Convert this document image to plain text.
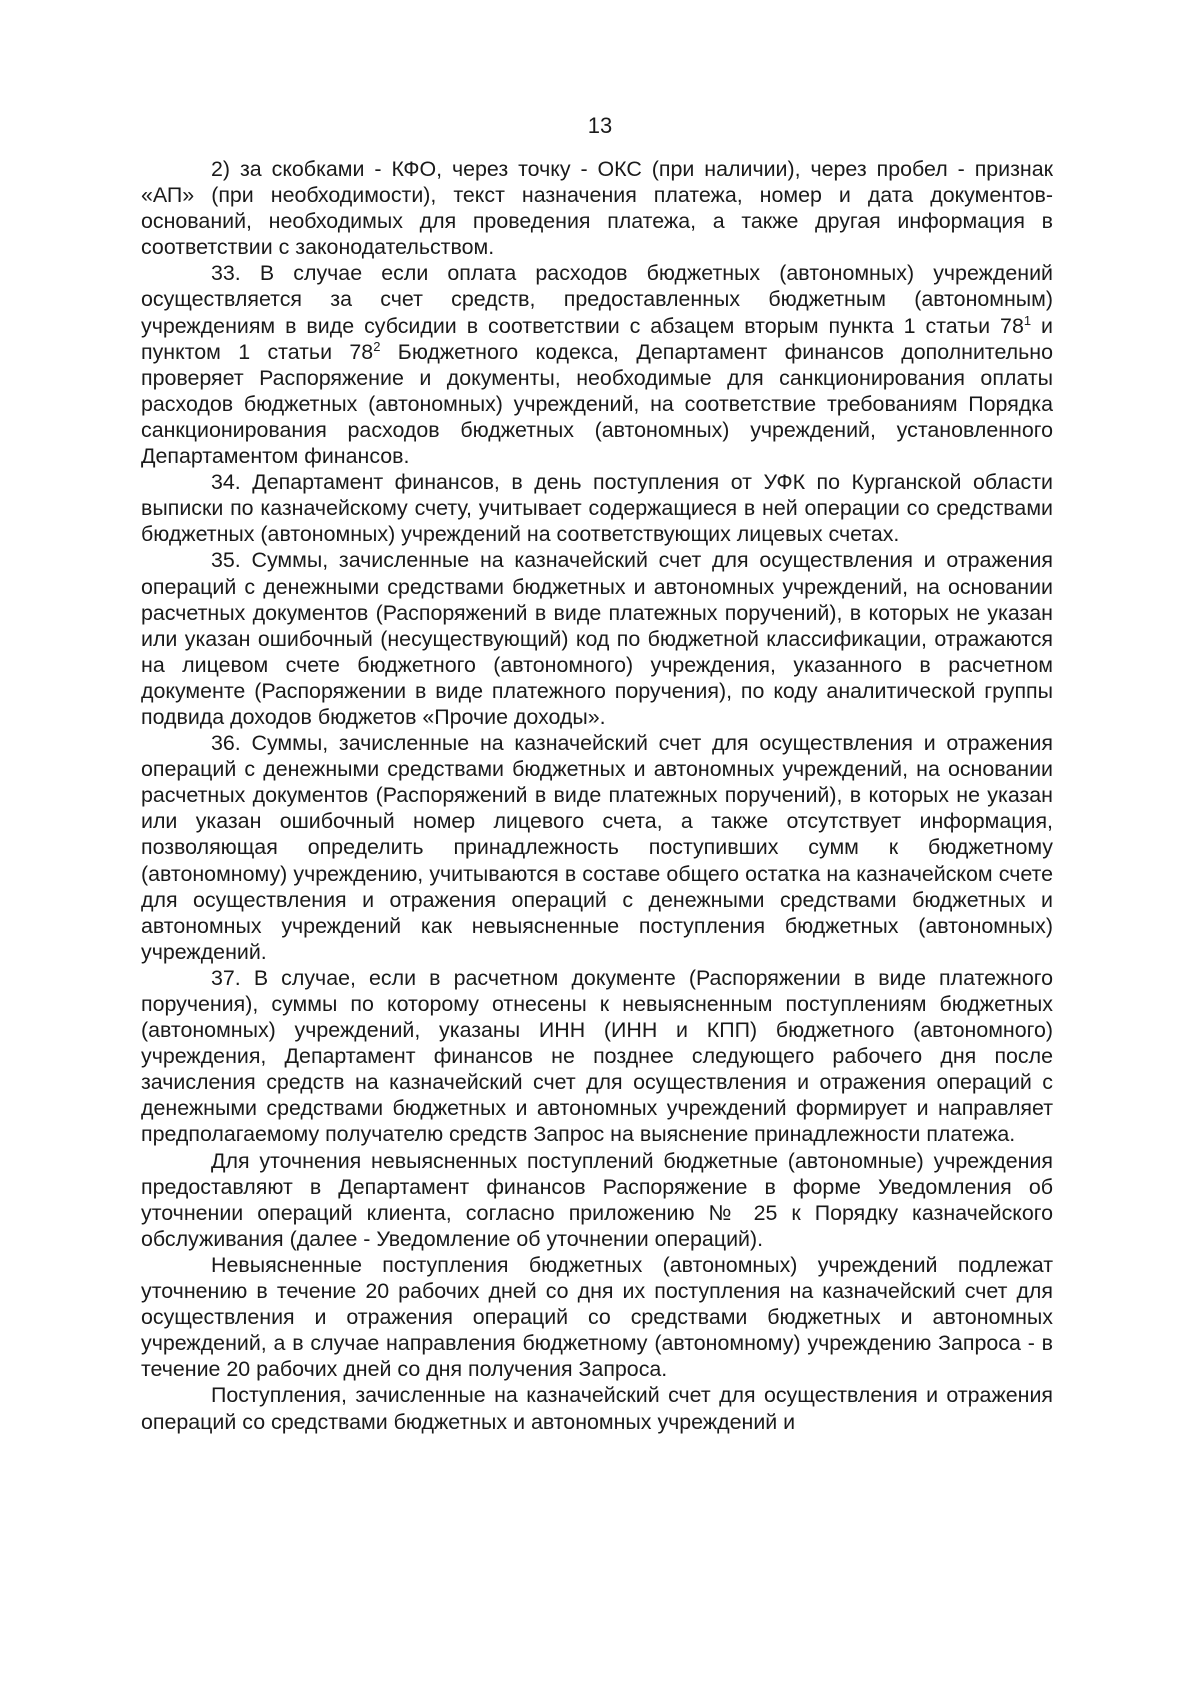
13

2) за скобками - КФО, через точку - ОКС (при наличии), через пробел - признак «АП» (при необходимости), текст назначения платежа, номер и дата документов-оснований, необходимых для проведения платежа, а также другая информация в соответствии с законодательством.

33. В случае если оплата расходов бюджетных (автономных) учреждений осуществляется за счет средств, предоставленных бюджетным (автономным) учреждениям в виде субсидии в соответствии с абзацем вторым пункта 1 статьи $78^1$ и пунктом 1 статьи $78^2$ Бюджетного кодекса, Департамент финансов дополнительно проверяет Распоряжение и документы, необходимые для санкционирования оплаты расходов бюджетных (автономных) учреждений, на соответствие требованиям Порядка санкционирования расходов бюджетных (автономных) учреждений, установленного Департаментом финансов.

34. Департамент финансов, в день поступления от УФК по Курганской области выписки по казначейскому счету, учитывает содержащиеся в ней операции со средствами бюджетных (автономных) учреждений на соответствующих лицевых счетах.

35. Суммы, зачисленные на казначейский счет для осуществления и отражения операций с денежными средствами бюджетных и автономных учреждений, на основании расчетных документов (Распоряжений в виде платежных поручений), в которых не указан или указан ошибочный (несуществующий) код по бюджетной классификации, отражаются на лицевом счете бюджетного (автономного) учреждения, указанного в расчетном документе (Распоряжении в виде платежного поручения), по коду аналитической группы подвида доходов бюджетов «Прочие доходы».

36. Суммы, зачисленные на казначейский счет для осуществления и отражения операций с денежными средствами бюджетных и автономных учреждений, на основании расчетных документов (Распоряжений в виде платежных поручений), в которых не указан или указан ошибочный номер лицевого счета, а также отсутствует информация, позволяющая определить принадлежность поступивших сумм к бюджетному (автономному) учреждению, учитываются в составе общего остатка на казначейском счете для осуществления и отражения операций с денежными средствами бюджетных и автономных учреждений как невыясненные поступления бюджетных (автономных) учреждений.

37. В случае, если в расчетном документе (Распоряжении в виде платежного поручения), суммы по которому отнесены к невыясненным поступлениям бюджетных (автономных) учреждений, указаны ИНН (ИНН и КПП) бюджетного (автономного) учреждения, Департамент финансов не позднее следующего рабочего дня после зачисления средств на казначейский счет для осуществления и отражения операций с денежными средствами бюджетных и автономных учреждений формирует и направляет предполагаемому получателю средств Запрос на выяснение принадлежности платежа.

Для уточнения невыясненных поступлений бюджетные (автономные) учреждения предоставляют в Департамент финансов Распоряжение в форме Уведомления об уточнении операций клиента, согласно приложению № 25 к Порядку казначейского обслуживания (далее - Уведомление об уточнении операций).

Невыясненные поступления бюджетных (автономных) учреждений подлежат уточнению в течение 20 рабочих дней со дня их поступления на казначейский счет для осуществления и отражения операций со средствами бюджетных и автономных учреждений, а в случае направления бюджетному (автономному) учреждению Запроса - в течение 20 рабочих дней со дня получения Запроса.

Поступления, зачисленные на казначейский счет для осуществления и отражения операций со средствами бюджетных и автономных учреждений и
